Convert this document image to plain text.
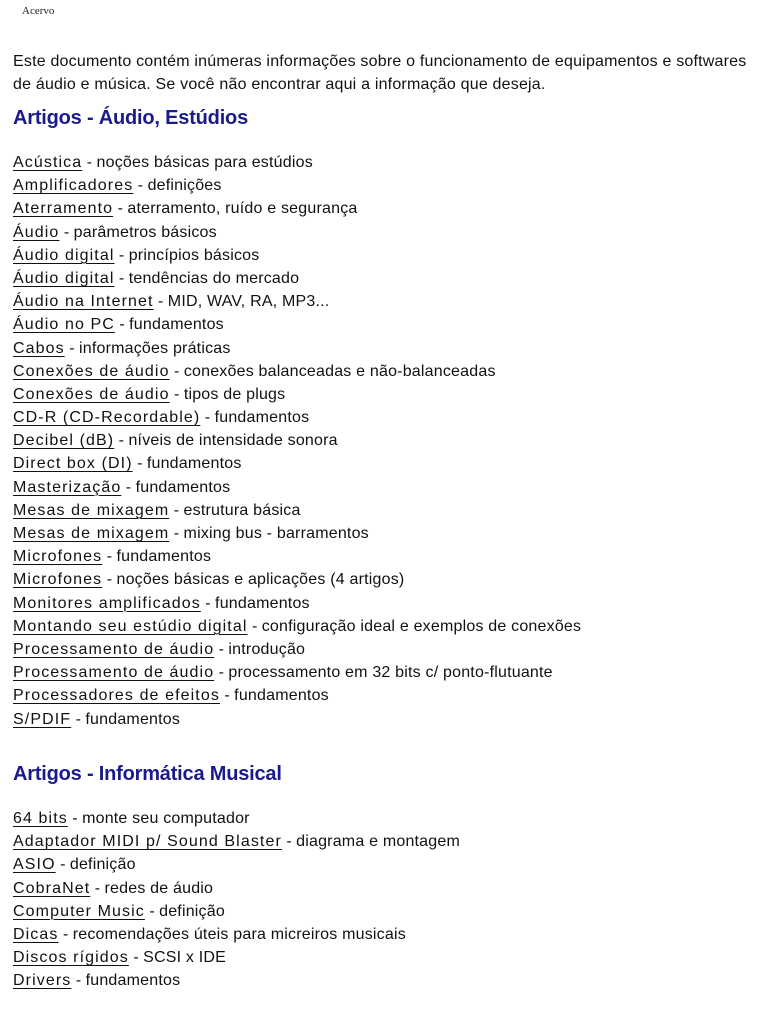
Acervo
Este documento contém inúmeras informações sobre o funcionamento de equipamentos e softwares de áudio e música. Se você não encontrar aqui a informação que deseja.
Artigos - Áudio, Estúdios
Acústica - noções básicas para estúdios
Amplificadores - definições
Aterramento - aterramento, ruído e segurança
Áudio - parâmetros básicos
Áudio digital - princípios básicos
Áudio digital - tendências do mercado
Áudio na Internet - MID, WAV, RA, MP3...
Áudio no PC - fundamentos
Cabos - informações práticas
Conexões de áudio - conexões balanceadas e não-balanceadas
Conexões de áudio - tipos de plugs
CD-R (CD-Recordable) - fundamentos
Decibel (dB) - níveis de intensidade sonora
Direct box (DI) - fundamentos
Masterização - fundamentos
Mesas de mixagem - estrutura básica
Mesas de mixagem - mixing bus - barramentos
Microfones - fundamentos
Microfones - noções básicas e aplicações (4 artigos)
Monitores amplificados - fundamentos
Montando seu estúdio digital - configuração ideal e exemplos de conexões
Processamento de áudio - introdução
Processamento de áudio - processamento em 32 bits c/ ponto-flutuante
Processadores de efeitos - fundamentos
S/PDIF - fundamentos
Artigos - Informática Musical
64 bits - monte seu computador
Adaptador MIDI p/ Sound Blaster - diagrama e montagem
ASIO - definição
CobraNet - redes de áudio
Computer Music - definição
Dicas - recomendações úteis para micreiros musicais
Discos rígidos - SCSI x IDE
Drivers - fundamentos
